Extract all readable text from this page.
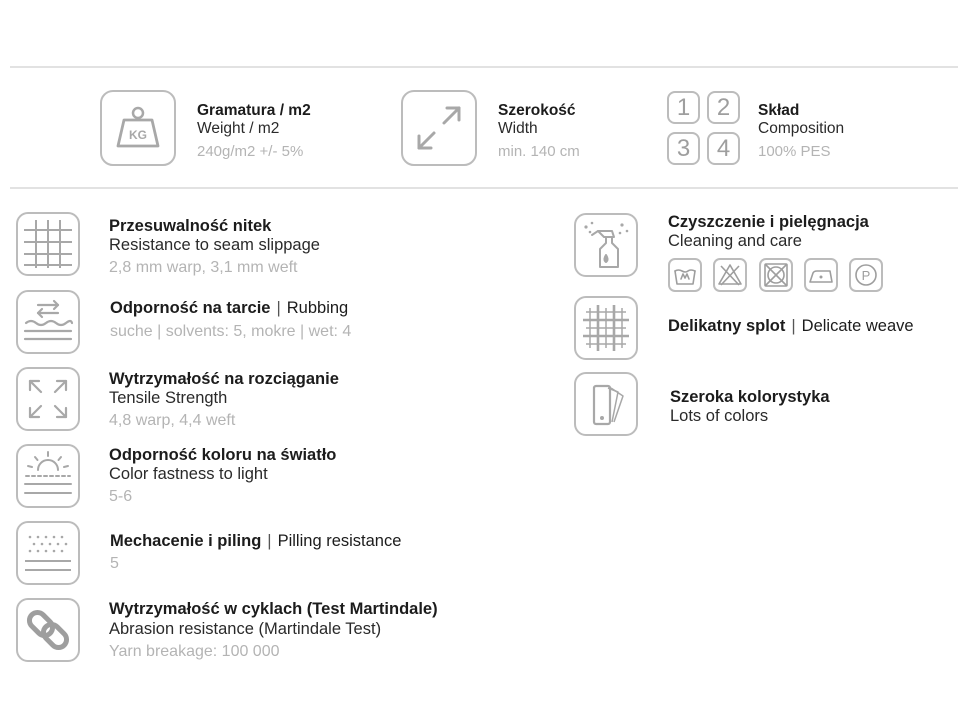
KG
Gramatura / m2
Weight / m2
240g/m2 +/- 5%
Szerokość
Width
min. 140 cm
1	2
3	4
Skład
Composition
100% PES
Przesuwalność nitek
Resistance to seam slippage
2,8 mm warp, 3,1 mm weft
Odporność na tarcie | Rubbing
suche | solvents: 5, mokre | wet: 4
Wytrzymałość na rozciąganie
Tensile Strength
4,8 warp, 4,4 weft
Odporność koloru na światło
Color fastness to light
5-6
Mechacenie i piling | Pilling resistance
5
Wytrzymałość w cyklach (Test Martindale)
Abrasion resistance (Martindale Test)
Yarn breakage: 100 000
Czyszczenie i pielęgnacja
Cleaning and care
P
Delikatny splot | Delicate weave
Szeroka kolorystyka
Lots of colors
